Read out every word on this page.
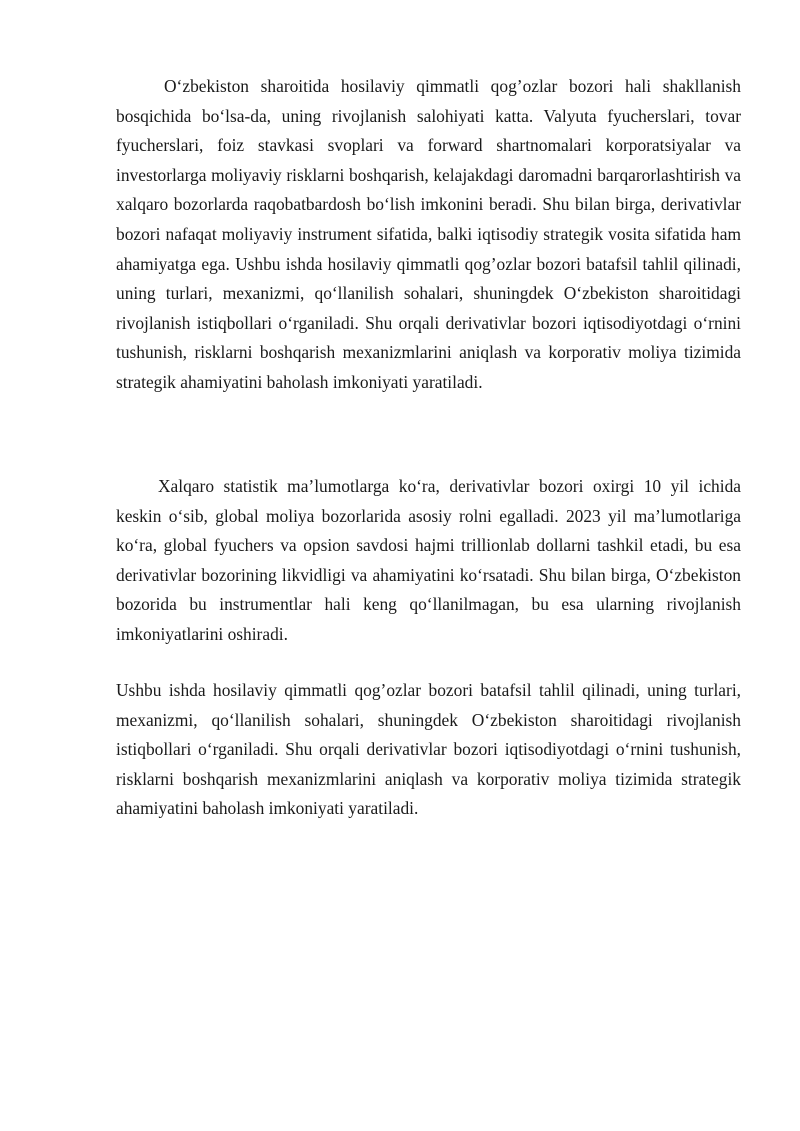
O‘zbekiston sharoitida hosilaviy qimmatli qog’ozlar bozori hali shakllanish bosqichida bo‘lsa-da, uning rivojlanish salohiyati katta. Valyuta fyucherslari, tovar fyucherslari, foiz stavkasi svoplari va forward shartnomalari korporatsiyalar va investorlarga moliyaviy risklarni boshqarish, kelajakdagi daromadni barqarorlashtirish va xalqaro bozorlarda raqobatbardosh bo‘lish imkonini beradi. Shu bilan birga, derivativlar bozori nafaqat moliyaviy instrument sifatida, balki iqtisodiy strategik vosita sifatida ham ahamiyatga ega. Ushbu ishda hosilaviy qimmatli qog’ozlar bozori batafsil tahlil qilinadi, uning turlari, mexanizmi, qo‘llanilish sohalari, shuningdek O‘zbekiston sharoitidagi rivojlanish istiqbollari o‘rganiladi. Shu orqali derivativlar bozori iqtisodiyotdagi o‘rnini tushunish, risklarni boshqarish mexanizmlarini aniqlash va korporativ moliya tizimida strategik ahamiyatini baholash imkoniyati yaratiladi.

Xalqaro statistik ma’lumotlarga ko‘ra, derivativlar bozori oxirgi 10 yil ichida keskin o‘sib, global moliya bozorlarida asosiy rolni egalladi. 2023 yil ma’lumotlariga ko‘ra, global fyuchers va opsion savdosi hajmi trillionlab dollarni tashkil etadi, bu esa derivativlar bozorining likvidligi va ahamiyatini ko‘rsatadi. Shu bilan birga, O‘zbekiston bozorida bu instrumentlar hali keng qo‘llanilmagan, bu esa ularning rivojlanish imkoniyatlarini oshiradi.

Ushbu ishda hosilaviy qimmatli qog’ozlar bozori batafsil tahlil qilinadi, uning turlari, mexanizmi, qo‘llanilish sohalari, shuningdek O‘zbekiston sharoitidagi rivojlanish istiqbollari o‘rganiladi. Shu orqali derivativlar bozori iqtisodiyotdagi o‘rnini tushunish, risklarni boshqarish mexanizmlarini aniqlash va korporativ moliya tizimida strategik ahamiyatini baholash imkoniyati yaratiladi.
